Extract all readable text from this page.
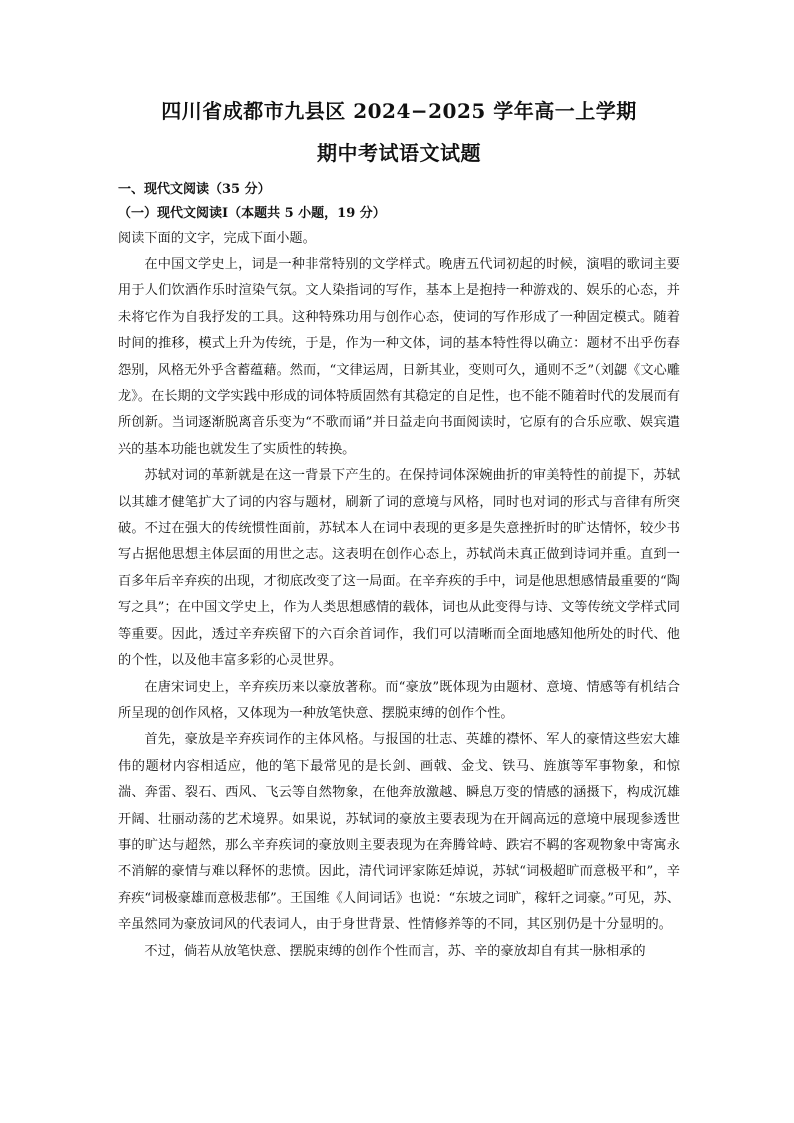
四川省成都市九县区 2024−2025 学年高一上学期
期中考试语文试题

一、现代文阅读（35 分）

（一）现代文阅读Ⅰ（本题共 5 小题，19 分）

阅读下面的文字，完成下面小题。

在中国文学史上，词是一种非常特别的文学样式。晚唐五代词初起的时候，演唱的歌词主要用于人们饮酒作乐时渲染气氛。文人染指词的写作，基本上是抱持一种游戏的、娱乐的心态，并未将它作为自我抒发的工具。这种特殊功用与创作心态，使词的写作形成了一种固定模式。随着时间的推移，模式上升为传统，于是，作为一种文体，词的基本特性得以确立：题材不出乎伤春怨别，风格无外乎含蓄蕴藉。然而，“文律运周，日新其业，变则可久，通则不乏”（刘勰《文心雕龙》。在长期的文学实践中形成的词体特质固然有其稳定的自足性，也不能不随着时代的发展而有所创新。当词逐渐脱离音乐变为“不歌而诵”并日益走向书面阅读时，它原有的合乐应歌、娱宾遣兴的基本功能也就发生了实质性的转换。

苏轼对词的革新就是在这一背景下产生的。在保持词体深婉曲折的审美特性的前提下，苏轼以其雄才健笔扩大了词的内容与题材，刷新了词的意境与风格，同时也对词的形式与音律有所突破。不过在强大的传统惯性面前，苏轼本人在词中表现的更多是失意挫折时的旷达情怀，较少书写占据他思想主体层面的用世之志。这表明在创作心态上，苏轼尚未真正做到诗词并重。直到一百多年后辛弃疾的出现，才彻底改变了这一局面。在辛弃疾的手中，词是他思想感情最重要的“陶写之具”；在中国文学史上，作为人类思想感情的载体，词也从此变得与诗、文等传统文学样式同等重要。因此，透过辛弃疾留下的六百余首词作，我们可以清晰而全面地感知他所处的时代、他的个性，以及他丰富多彩的心灵世界。

在唐宋词史上，辛弃疾历来以豪放著称。而“豪放”既体现为由题材、意境、情感等有机结合所呈现的创作风格，又体现为一种放笔快意、摆脱束缚的创作个性。

首先，豪放是辛弃疾词作的主体风格。与报国的壮志、英雄的襟怀、军人的豪情这些宏大雄伟的题材内容相适应，他的笔下最常见的是长剑、画戟、金戈、铁马、旌旗等军事物象，和惊湍、奔雷、裂石、西风、飞云等自然物象，在他奔放激越、瞬息万变的情感的涵摄下，构成沉雄开阔、壮丽动荡的艺术境界。如果说，苏轼词的豪放主要表现为在开阔高远的意境中展现参透世事的旷达与超然，那么辛弃疾词的豪放则主要表现为在奔腾耸峙、跌宕不羁的客观物象中寄寓永不消解的豪情与难以释怀的悲愤。因此，清代词评家陈廷焯说，苏轼“词极超旷而意极平和”，辛弃疾“词极豪雄而意极悲郁”。王国维《人间词话》也说：“东坡之词旷，稼轩之词豪。”可见，苏、辛虽然同为豪放词风的代表词人，由于身世背景、性情修养等的不同，其区别仍是十分显明的。

不过，倘若从放笔快意、摆脱束缚的创作个性而言，苏、辛的豪放却自有其一脉相承的
